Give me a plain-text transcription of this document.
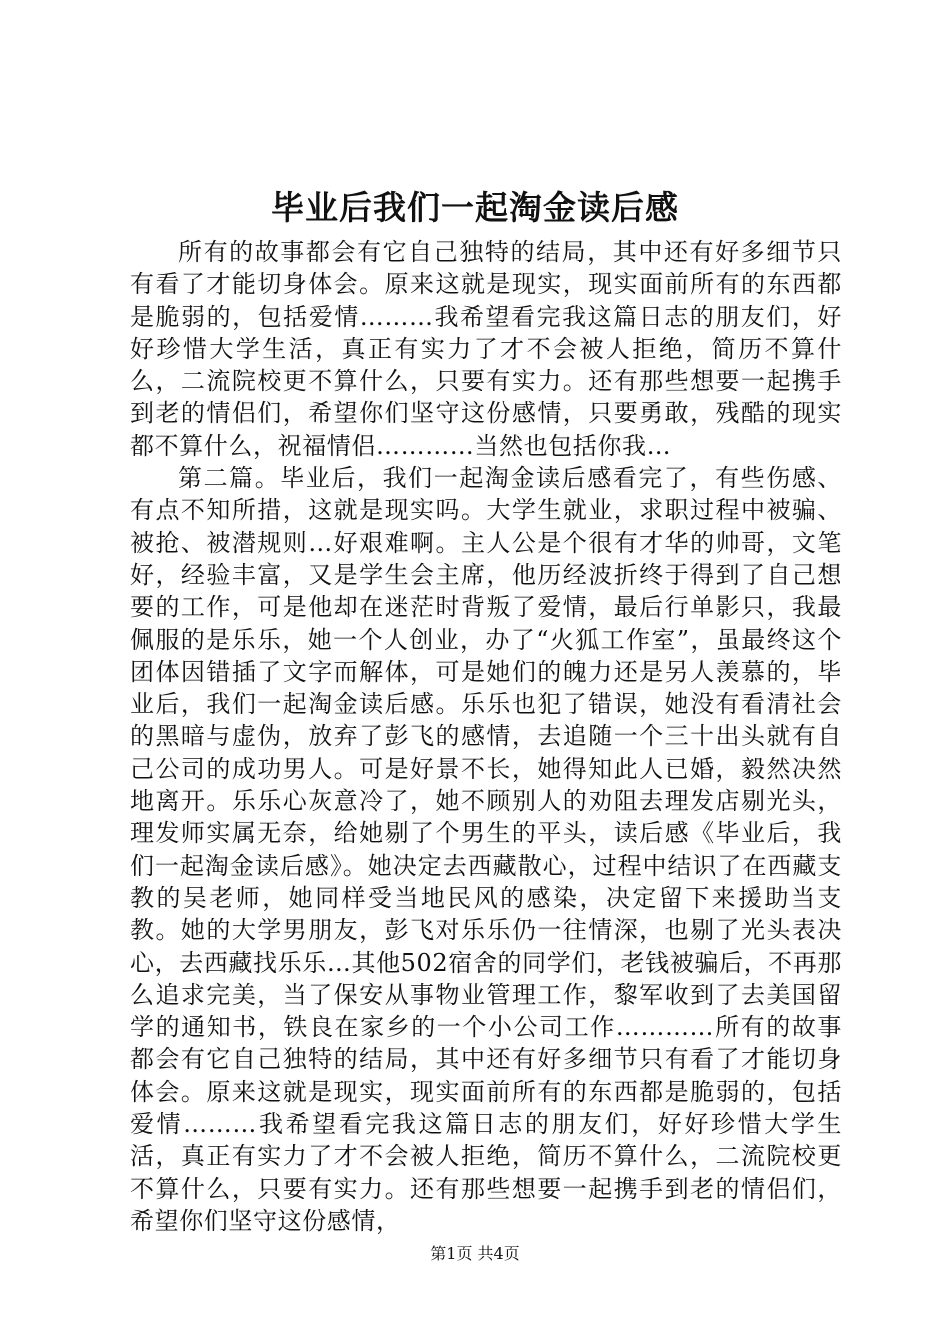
毕业后我们一起淘金读后感

所有的故事都会有它自己独特的结局，其中还有好多细节只有看了才能切身体会。原来这就是现实，现实面前所有的东西都是脆弱的，包括爱情………我希望看完我这篇日志的朋友们，好好珍惜大学生活，真正有实力了才不会被人拒绝，简历不算什么，二流院校更不算什么，只要有实力。还有那些想要一起携手到老的情侣们，希望你们坚守这份感情，只要勇敢，残酷的现实都不算什么，祝福情侣…………当然也包括你我…

第二篇。毕业后，我们一起淘金读后感看完了，有些伤感、有点不知所措，这就是现实吗。大学生就业，求职过程中被骗、被抢、被潜规则…好艰难啊。主人公是个很有才华的帅哥，文笔好，经验丰富，又是学生会主席，他历经波折终于得到了自己想要的工作，可是他却在迷茫时背叛了爱情，最后行单影只，我最佩服的是乐乐，她一个人创业，办了“火狐工作室”，虽最终这个团体因错插了文字而解体，可是她们的魄力还是另人羡慕的，毕业后，我们一起淘金读后感。乐乐也犯了错误，她没有看清社会的黑暗与虚伪，放弃了彭飞的感情，去追随一个三十出头就有自己公司的成功男人。可是好景不长，她得知此人已婚，毅然决然地离开。乐乐心灰意冷了，她不顾别人的劝阻去理发店剔光头，理发师实属无奈，给她剔了个男生的平头，读后感《毕业后，我们一起淘金读后感》。她决定去西藏散心，过程中结识了在西藏支教的吴老师，她同样受当地民风的感染，决定留下来援助当支教。她的大学男朋友，彭飞对乐乐仍一往情深，也剔了光头表决心，去西藏找乐乐…其他502宿舍的同学们，老钱被骗后，不再那么追求完美，当了保安从事物业管理工作，黎军收到了去美国留学的通知书，铁良在家乡的一个小公司工作…………所有的故事都会有它自己独特的结局，其中还有好多细节只有看了才能切身体会。原来这就是现实，现实面前所有的东西都是脆弱的，包括爱情………我希望看完我这篇日志的朋友们，好好珍惜大学生活，真正有实力了才不会被人拒绝，简历不算什么，二流院校更不算什么，只要有实力。还有那些想要一起携手到老的情侣们，希望你们坚守这份感情，

第1页 共4页
